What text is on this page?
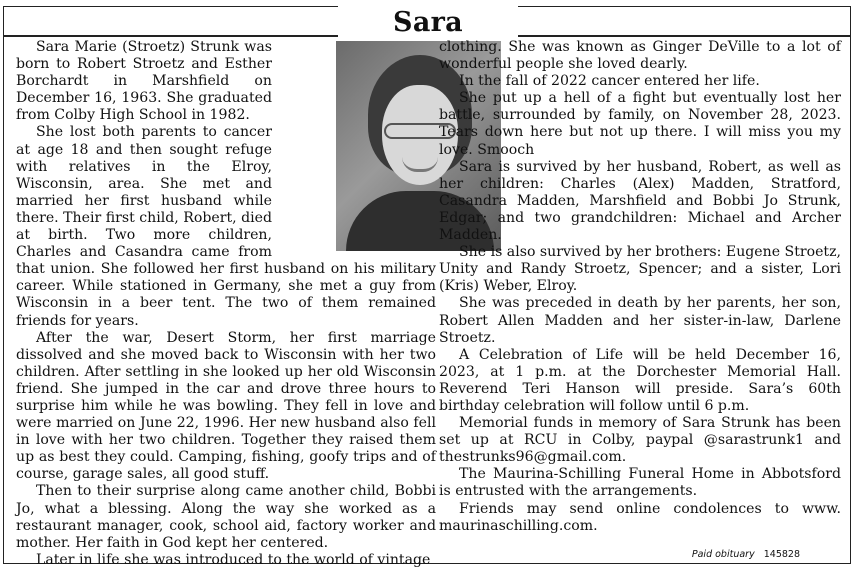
Sara

Sara Marie (Stroetz) Strunk was born to Robert Stroetz and Esther Borchardt in Marshfield on December 16, 1963. She graduated from Colby High School in 1982.

She lost both parents to cancer at age 18 and then sought refuge with relatives in the Elroy, Wisconsin, area. She met and married her first husband while there. Their first child, Robert, died at birth. Two more children, Charles and Casandra came from that union. She followed her first husband on his military career. While stationed in Germany, she met a guy from Wisconsin in a beer tent. The two of them remained friends for years.

After the war, Desert Storm, her first marriage dissolved and she moved back to Wisconsin with her two children. After settling in she looked up her old Wisconsin friend. She jumped in the car and drove three hours to surprise him while he was bowling. They fell in love and were married on June 22, 1996. Her new husband also fell in love with her two children. Together they raised them up as best they could. Camping, fishing, goofy trips and of course, garage sales, all good stuff.

Then to their surprise along came another child, Bobbi Jo, what a blessing. Along the way she worked as a restaurant manager, cook, school aid, factory worker and mother. Her faith in God kept her centered.

Later in life she was introduced to the world of vintage

clothing. She was known as Ginger DeVille to a lot of wonderful people she loved dearly.

In the fall of 2022 cancer entered her life.

She put up a hell of a fight but eventually lost her battle, surrounded by family, on November 28, 2023. Tears down here but not up there. I will miss you my love. Smooch

Sara is survived by her husband, Robert, as well as her children: Charles (Alex) Madden, Stratford, Casandra Madden, Marshfield and Bobbi Jo Strunk, Edgar; and two grandchildren: Michael and Archer Madden.

She is also survived by her brothers: Eugene Stroetz, Unity and Randy Stroetz, Spencer; and a sister, Lori (Kris) Weber, Elroy.

She was preceded in death by her parents, her son, Robert Allen Madden and her sister-in-law, Darlene Stroetz.

A Celebration of Life will be held December 16, 2023, at 1 p.m. at the Dorchester Memorial Hall. Reverend Teri Hanson will preside. Sara’s 60th birthday celebration will follow until 6 p.m.

Memorial funds in memory of Sara Strunk has been set up at RCU in Colby, paypal @sarastrunk1 and thestrunks96@gmail.com.

The Maurina-Schilling Funeral Home in Abbotsford is entrusted with the arrangements.

Friends may send online condolences to www. maurinaschilling.com.

Paid obituary 145828
